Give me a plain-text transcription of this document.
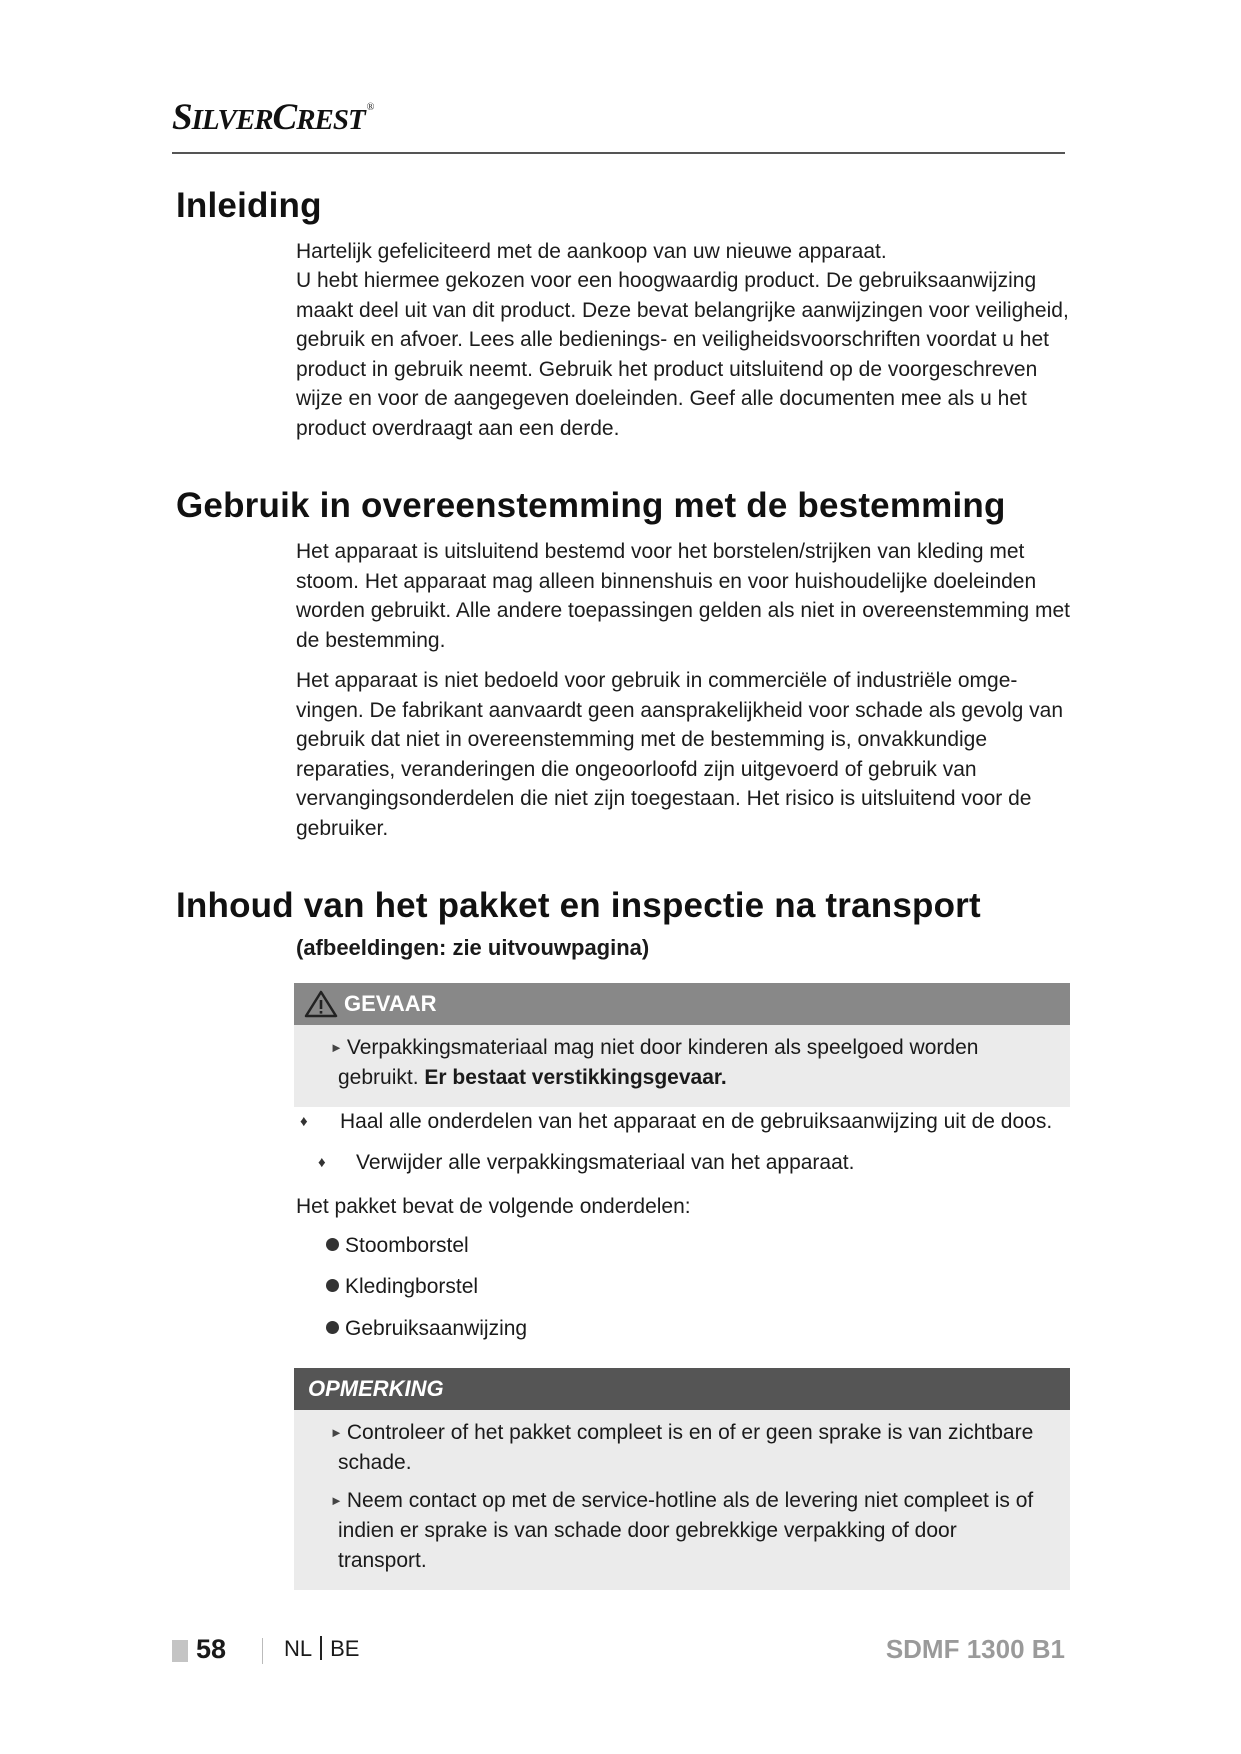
SILVERCREST ®
Inleiding

Hartelijk gefeliciteerd met de aankoop van uw nieuwe apparaat.

U hebt hiermee gekozen voor een hoogwaardig product. De gebruiksaanwijzing maakt deel uit van dit product. Deze bevat belangrijke aanwijzingen voor veiligheid, gebruik en afvoer. Lees alle bedienings- en veiligheidsvoorschriften voordat u het product in gebruik neemt. Gebruik het product uitsluitend op de voorgeschreven wijze en voor de aangegeven doeleinden. Geef alle documenten mee als u het product overdraagt aan een derde.

Gebruik in overeenstemming met de bestemming

Het apparaat is uitsluitend bestemd voor het borstelen/strijken van kleding met stoom. Het apparaat mag alleen binnenshuis en voor huishoudelijke doeleinden worden gebruikt. Alle andere toepassingen gelden als niet in overeenstemming met de bestemming.

Het apparaat is niet bedoeld voor gebruik in commerciële of industriële omgevingen. De fabrikant aanvaardt geen aansprakelijkheid voor schade als gevolg van gebruik dat niet in overeenstemming met de bestemming is, onvakkundige reparaties, veranderingen die ongeoorloofd zijn uitgevoerd of gebruik van vervangingsonderdelen die niet zijn toegestaan. Het risico is uitsluitend voor de gebruiker.

Inhoud van het pakket en inspectie na transport

(afbeeldingen: zie uitvouwpagina)

GEVAAR
► Verpakkingsmateriaal mag niet door kinderen als speelgoed worden gebruikt. Er bestaat verstikkingsgevaar.
♦ Haal alle onderdelen van het apparaat en de gebruiksaanwijzing uit de doos.
♦ Verwijder alle verpakkingsmateriaal van het apparaat.

Het pakket bevat de volgende onderdelen:

Stoomborstel
Kledingborstel
Gebruiksaanwijzing
OPMERKING
► Controleer of het pakket compleet is en of er geen sprake is van zichtbare schade.
► Neem contact op met de service-hotline als de levering niet compleet is of indien er sprake is van schade door gebrekkige verpakking of door transport.
58	NL BE	SDMF 1300 B1
